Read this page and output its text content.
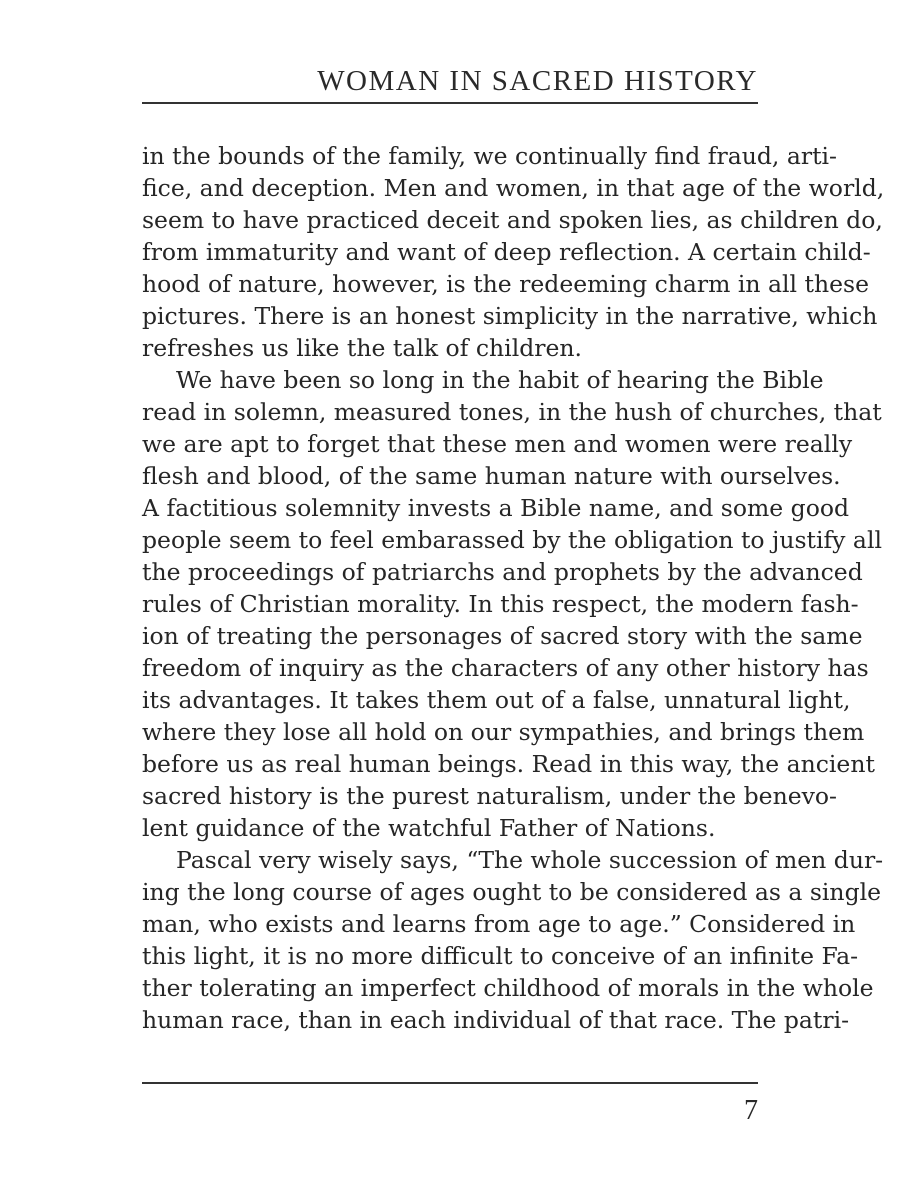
WOMAN IN SACRED HISTORY
in the bounds of the family, we continually find fraud, arti-
fice, and deception. Men and women, in that age of the world,
seem to have practiced deceit and spoken lies, as children do,
from immaturity and want of deep reflection. A certain child-
hood of nature, however, is the redeeming charm in all these
pictures. There is an honest simplicity in the narrative, which
refreshes us like the talk of children.
We have been so long in the habit of hearing the Bible
read in solemn, measured tones, in the hush of churches, that
we are apt to forget that these men and women were really
flesh and blood, of the same human nature with ourselves.
A factitious solemnity invests a Bible name, and some good
people seem to feel embarassed by the obligation to justify all
the proceedings of patriarchs and prophets by the advanced
rules of Christian morality. In this respect, the modern fash-
ion of treating the personages of sacred story with the same
freedom of inquiry as the characters of any other history has
its advantages. It takes them out of a false, unnatural light,
where they lose all hold on our sympathies, and brings them
before us as real human beings. Read in this way, the ancient
sacred history is the purest naturalism, under the benevo-
lent guidance of the watchful Father of Nations.
Pascal very wisely says, “The whole succession of men dur-
ing the long course of ages ought to be considered as a single
man, who exists and learns from age to age.” Considered in
this light, it is no more difficult to conceive of an infinite Fa-
ther tolerating an imperfect childhood of morals in the whole
human race, than in each individual of that race. The patri-
7
